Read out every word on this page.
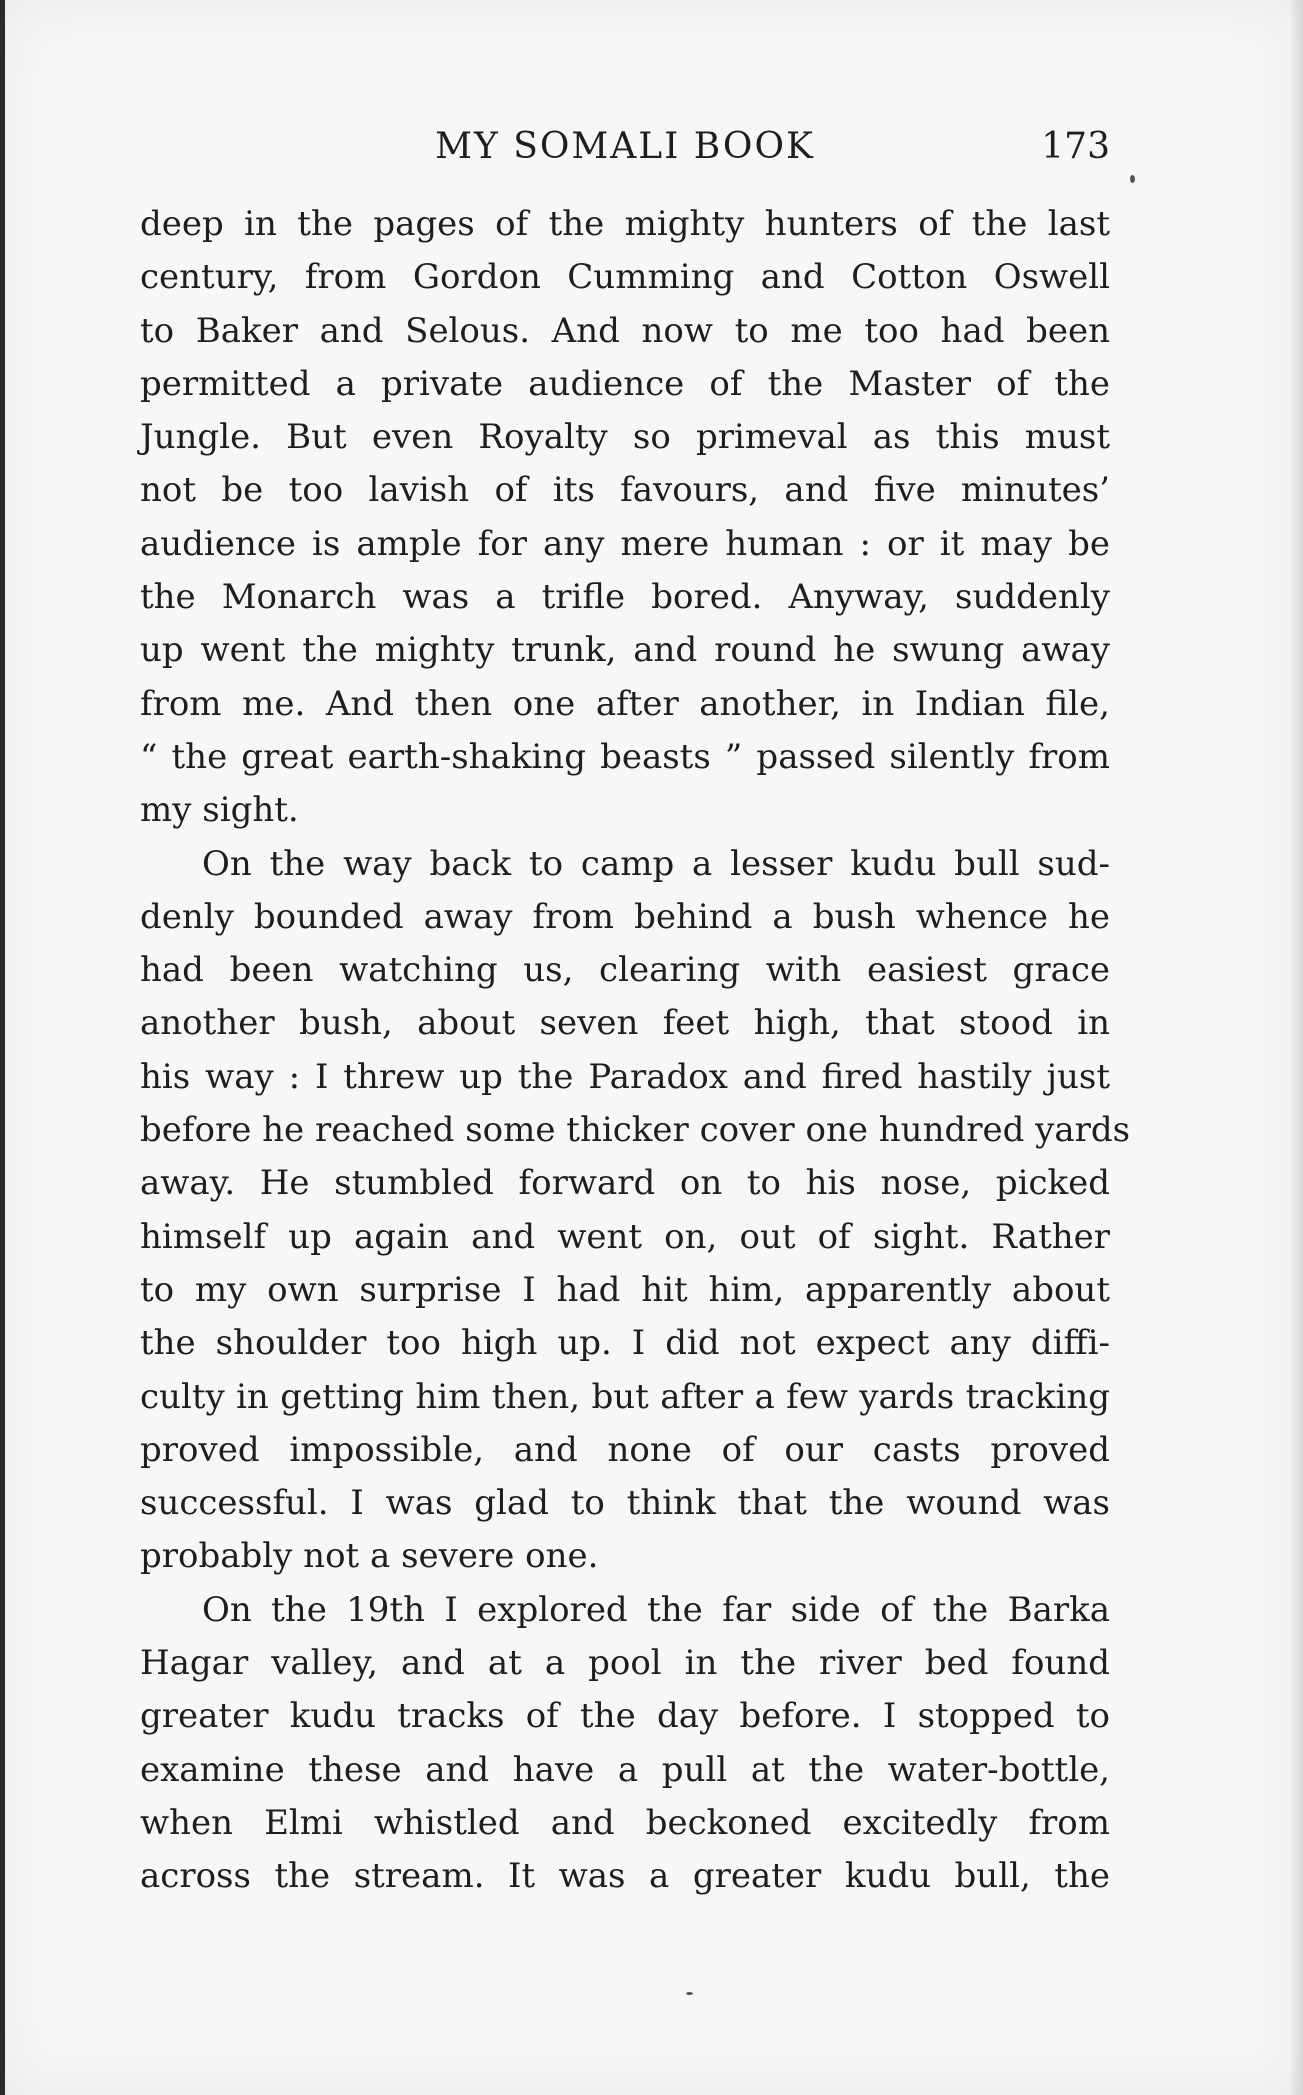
MY SOMALI BOOK	173
deep in the pages of the mighty hunters of the last
century, from Gordon Cumming and Cotton Oswell
to Baker and Selous. And now to me too had been
permitted a private audience of the Master of the
Jungle. But even Royalty so primeval as this must
not be too lavish of its favours, and five minutes’
audience is ample for any mere human : or it may be
the Monarch was a trifle bored. Anyway, suddenly
up went the mighty trunk, and round he swung away
from me. And then one after another, in Indian file,
“ the great earth-shaking beasts ” passed silently from
my sight.
On the way back to camp a lesser kudu bull sud-
denly bounded away from behind a bush whence he
had been watching us, clearing with easiest grace
another bush, about seven feet high, that stood in
his way : I threw up the Paradox and fired hastily just
before he reached some thicker cover one hundred yards
away. He stumbled forward on to his nose, picked
himself up again and went on, out of sight. Rather
to my own surprise I had hit him, apparently about
the shoulder too high up. I did not expect any diffi-
culty in getting him then, but after a few yards tracking
proved impossible, and none of our casts proved
successful. I was glad to think that the wound was
probably not a severe one.
On the 19th I explored the far side of the Barka
Hagar valley, and at a pool in the river bed found
greater kudu tracks of the day before. I stopped to
examine these and have a pull at the water-bottle,
when Elmi whistled and beckoned excitedly from
across the stream. It was a greater kudu bull, the
